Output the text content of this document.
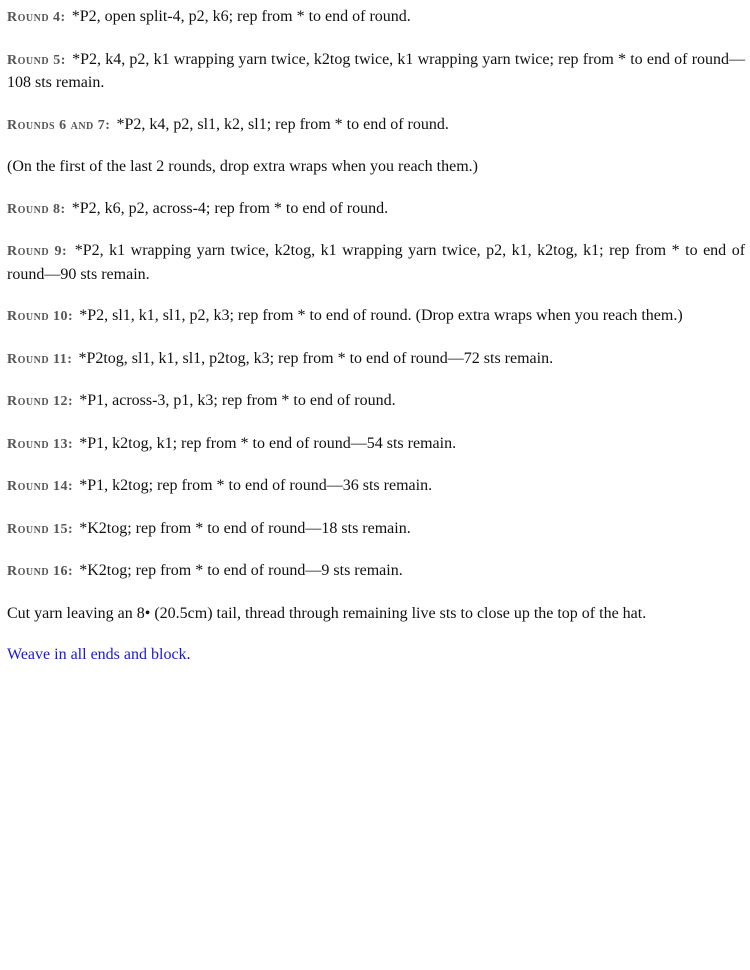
Round 4: *P2, open split-4, p2, k6; rep from * to end of round.

Round 5: *P2, k4, p2, k1 wrapping yarn twice, k2tog twice, k1 wrapping yarn twice; rep from * to end of round—108 sts remain.

Rounds 6 and 7: *P2, k4, p2, sl1, k2, sl1; rep from * to end of round.

(On the first of the last 2 rounds, drop extra wraps when you reach them.)

Round 8: *P2, k6, p2, across-4; rep from * to end of round.

Round 9: *P2, k1 wrapping yarn twice, k2tog, k1 wrapping yarn twice, p2, k1, k2tog, k1; rep from * to end of round—90 sts remain.

Round 10: *P2, sl1, k1, sl1, p2, k3; rep from * to end of round. (Drop extra wraps when you reach them.)

Round 11: *P2tog, sl1, k1, sl1, p2tog, k3; rep from * to end of round—72 sts remain.

Round 12: *P1, across-3, p1, k3; rep from * to end of round.

Round 13: *P1, k2tog, k1; rep from * to end of round—54 sts remain.

Round 14: *P1, k2tog; rep from * to end of round—36 sts remain.

Round 15: *K2tog; rep from * to end of round—18 sts remain.

Round 16: *K2tog; rep from * to end of round—9 sts remain.

Cut yarn leaving an 8• (20.5cm) tail, thread through remaining live sts to close up the top of the hat.

Weave in all ends and block.
